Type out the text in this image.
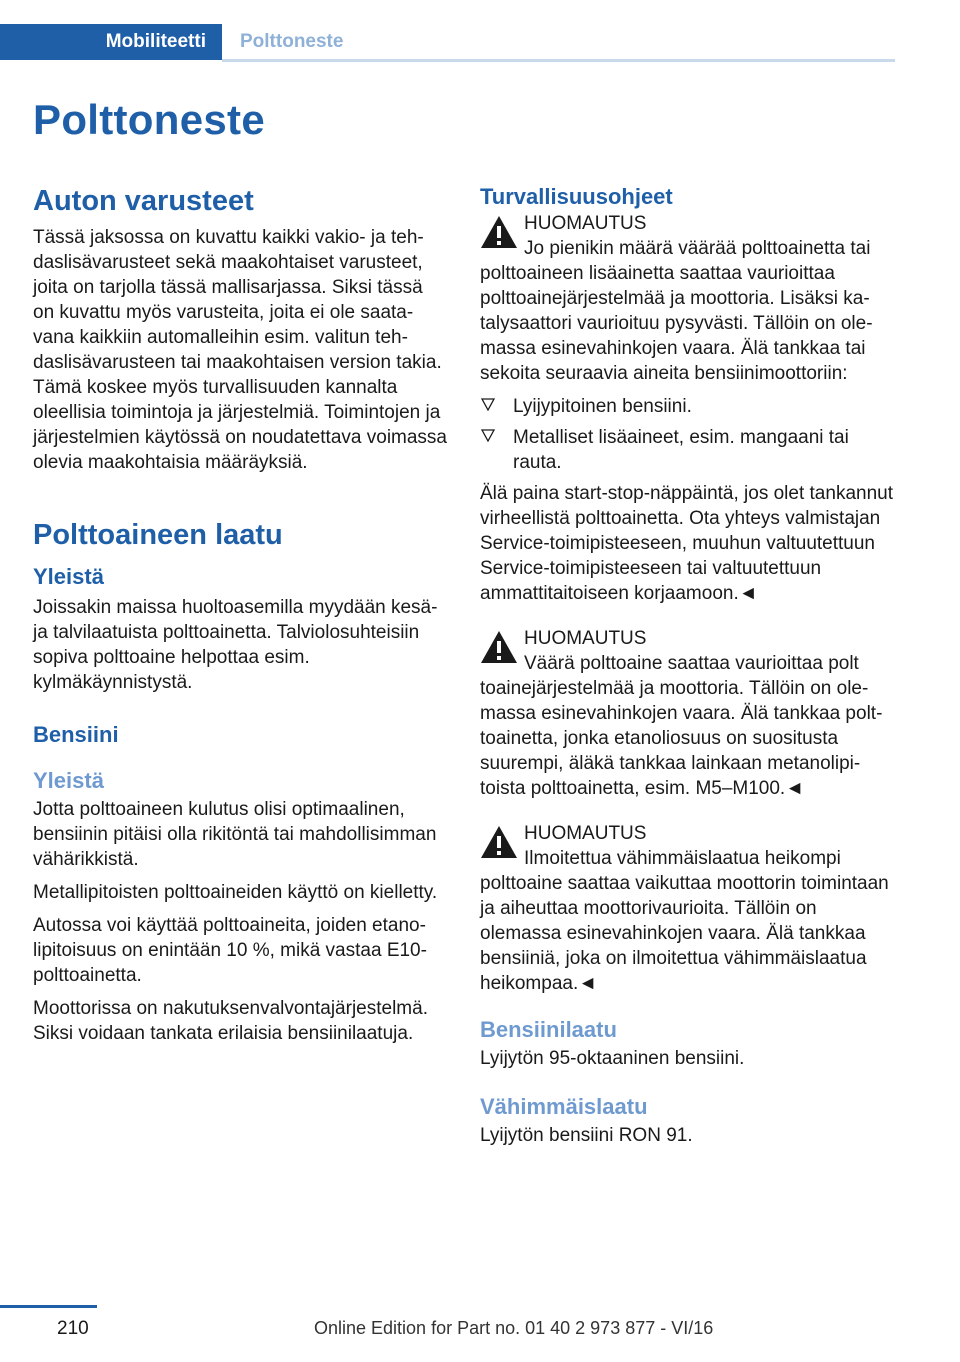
Mobiliteetti	Polttoneste
Polttoneste
Auton varusteet

Tässä jaksossa on kuvattu kaikki vakio- ja tehdaslisävarusteet sekä maakohtaiset varusteet, joita on tarjolla tässä mallisarjassa. Siksi tässä on kuvattu myös varusteita, joita ei ole saatavana kaikkiin automalleihin esim. valitun tehdaslisävarusteen tai maakohtaisen version takia. Tämä koskee myös turvallisuuden kannalta oleellisia toimintoja ja järjestelmiä. Toimintojen ja järjestelmien käytössä on noudatettava voimassa olevia maakohtaisia määräyksiä.

Polttoaineen laatu
Yleistä

Joissakin maissa huoltoasemilla myydään kesä- ja talvilaatuista polttoainetta. Talviolosuhteisiin sopiva polttoaine helpottaa esim. kylmäkäynnistystä.

Bensiini
Yleistä

Jotta polttoaineen kulutus olisi optimaalinen, bensiinin pitäisi olla rikitöntä tai mahdollisimman vähärikkistä.

Metallipitoisten polttoaineiden käyttö on kielletty.

Autossa voi käyttää polttoaineita, joiden etanolipitoisuus on enintään 10 %, mikä vastaa E10-polttoainetta.

Moottorissa on nakutuksenvalvontajärjestelmä. Siksi voidaan tankata erilaisia bensiinilaatuja.

Turvallisuusohjeet
HUOMAUTUS
Jo pienikin määrä väärää polttoainetta tai

polttoaineen lisäainetta saattaa vaurioittaa polttoainejärjestelmää ja moottoria. Lisäksi katalysaattori vaurioituu pysyvästi. Tällöin on olemassa esinevahinkojen vaara. Älä tankkaa tai sekoita seuraavia aineita bensiinimoottoriin:

Lyijypitoinen bensiini.
Metalliset lisäaineet, esim. mangaani tai rauta.

Älä paina start-stop-näppäintä, jos olet tankannut virheellistä polttoainetta. Ota yhteys valmistajan Service-toimipisteeseen, muuhun valtuutettuun Service-toimipisteeseen tai valtuutettuun ammattitaitoiseen korjaamoon.◄

HUOMAUTUS
Väärä polttoaine saattaa vaurioittaa polt

toainejärjestelmää ja moottoria. Tällöin on olemassa esinevahinkojen vaara. Älä tankkaa polttoainetta, jonka etanoliosuus on suositusta suurempi, äläkä tankkaa lainkaan metanolipitoista polttoainetta, esim. M5–M100.◄

HUOMAUTUS
Ilmoitettua vähimmäislaatua heikompi

polttoaine saattaa vaikuttaa moottorin toimintaan ja aiheuttaa moottorivaurioita. Tällöin on olemassa esinevahinkojen vaara. Älä tankkaa bensiiniä, joka on ilmoitettua vähimmäislaatua heikompaa.◄

Bensiinilaatu

Lyijytön 95-oktaaninen bensiini.

Vähimmäislaatu

Lyijytön bensiini RON 91.

210	Online Edition for Part no. 01 40 2 973 877 - VI/16
